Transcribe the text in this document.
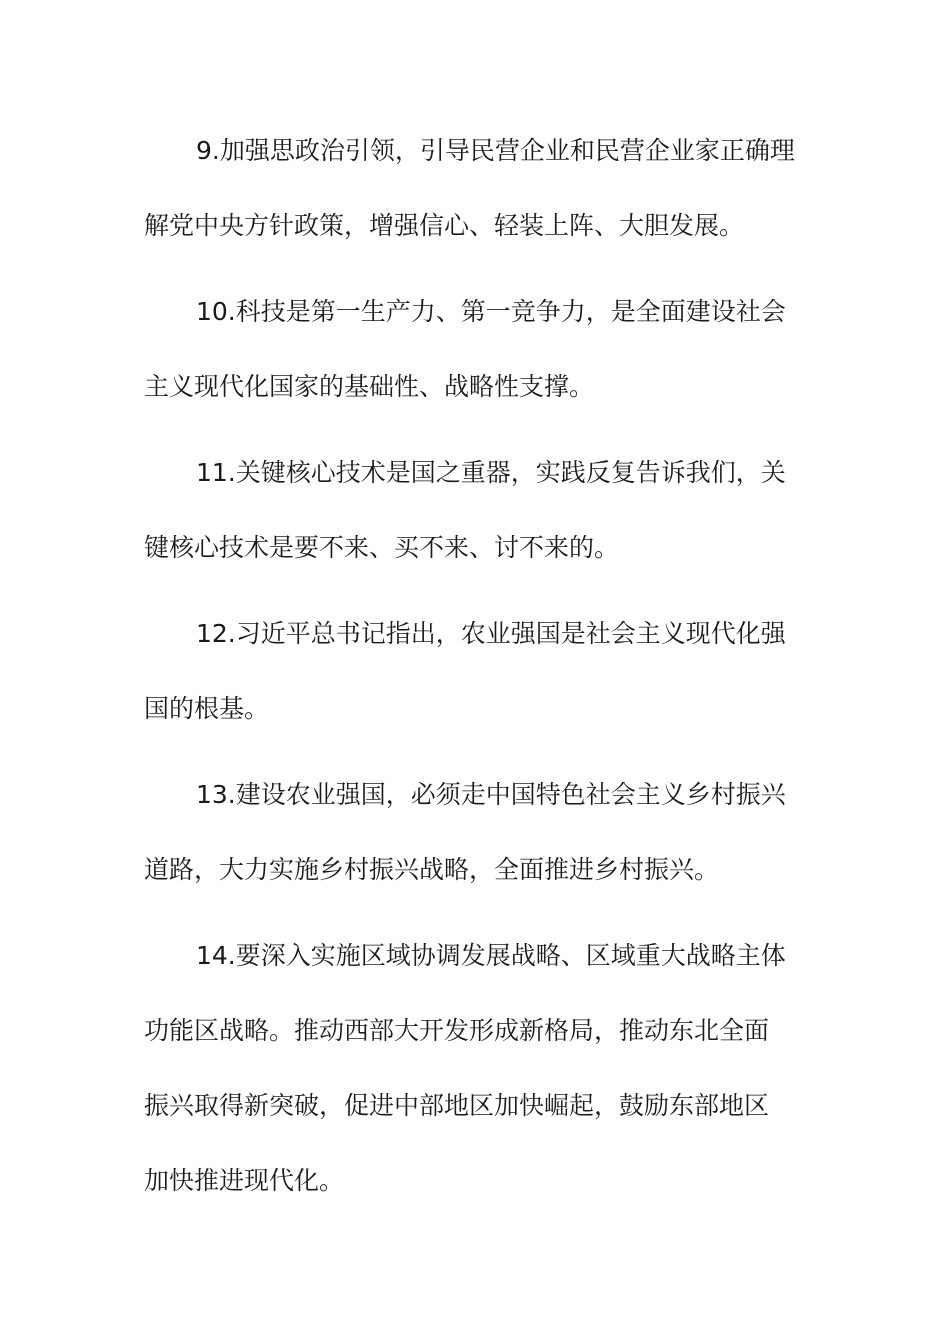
9.加强思政治引领，引导民营企业和民营企业家正确理
解党中央方针政策，增强信心、轻装上阵、大胆发展。

10.科技是第一生产力、第一竞争力，是全面建设社会
主义现代化国家的基础性、战略性支撑。

11.关键核心技术是国之重器，实践反复告诉我们，关
键核心技术是要不来、买不来、讨不来的。

12.习近平总书记指出，农业强国是社会主义现代化强
国的根基。

13.建设农业强国，必须走中国特色社会主义乡村振兴
道路，大力实施乡村振兴战略，全面推进乡村振兴。

14.要深入实施区域协调发展战略、区域重大战略主体
功能区战略。推动西部大开发形成新格局，推动东北全面
振兴取得新突破，促进中部地区加快崛起，鼓励东部地区
加快推进现代化。
